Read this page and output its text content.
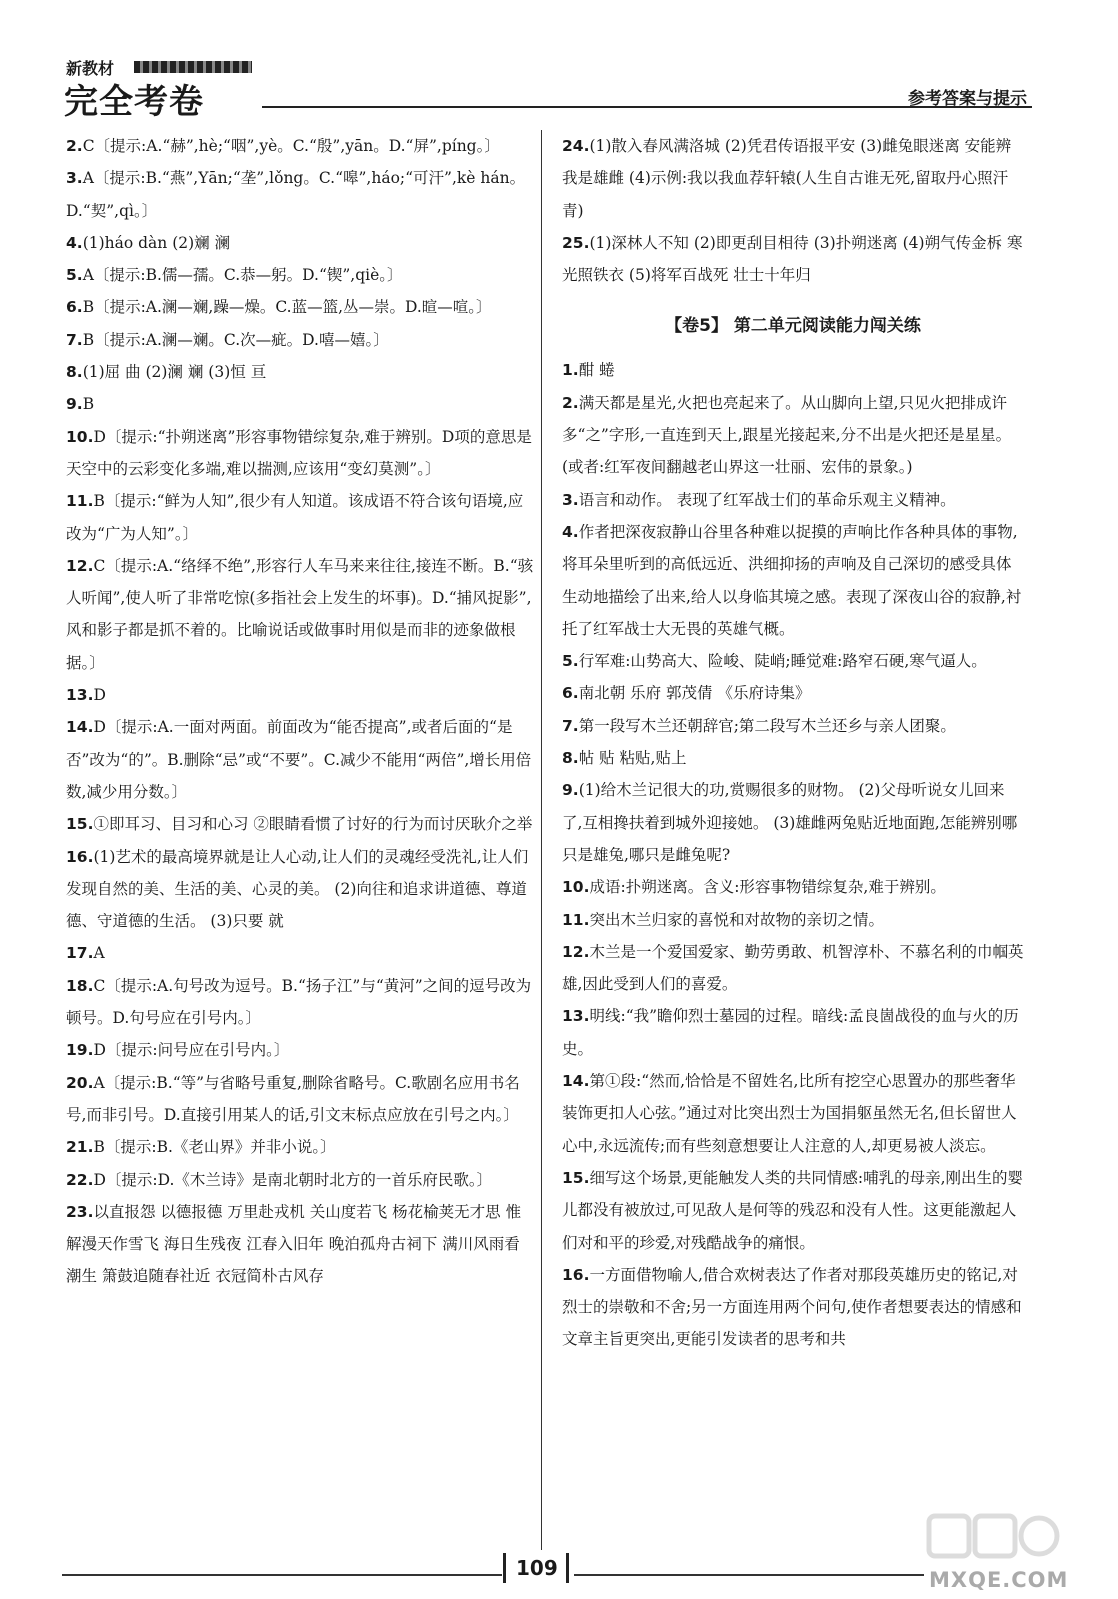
新教材
完全考卷	参考答案与提示
2.C〔提示:A.“赫”,hè;“咽”,yè。C.“殷”,yān。D.“屏”,píng。〕
3.A〔提示:B.“燕”,Yān;“垄”,lǒng。C.“嗥”,háo;“可汗”,kè hán。D.“契”,qì。〕
4.(1)háo dàn (2)斓 澜
5.A〔提示:B.儒—孺。C.恭—躬。D.“锲”,qiè。〕
6.B〔提示:A.澜—斓,躁—燥。C.蓝—篮,丛—崇。D.暄—喧。〕
7.B〔提示:A.澜—斓。C.次—疵。D.嘻—嬉。〕
8.(1)屈 曲 (2)澜 斓 (3)恒 亘
9.B
10.D〔提示:“扑朔迷离”形容事物错综复杂,难于辨别。D项的意思是天空中的云彩变化多端,难以揣测,应该用“变幻莫测”。〕
11.B〔提示:“鲜为人知”,很少有人知道。该成语不符合该句语境,应改为“广为人知”。〕
12.C〔提示:A.“络绎不绝”,形容行人车马来来往往,接连不断。B.“骇人听闻”,使人听了非常吃惊(多指社会上发生的坏事)。D.“捕风捉影”,风和影子都是抓不着的。比喻说话或做事时用似是而非的迹象做根据。〕
13.D
14.D〔提示:A.一面对两面。前面改为“能否提高”,或者后面的“是否”改为“的”。B.删除“忌”或“不要”。C.减少不能用“两倍”,增长用倍数,减少用分数。〕
15.①即耳习、目习和心习 ②眼睛看惯了讨好的行为而讨厌耿介之举
16.(1)艺术的最高境界就是让人心动,让人们的灵魂经受洗礼,让人们发现自然的美、生活的美、心灵的美。 (2)向往和追求讲道德、尊道德、守道德的生活。 (3)只要 就
17.A
18.C〔提示:A.句号改为逗号。B.“扬子江”与“黄河”之间的逗号改为顿号。D.句号应在引号内。〕
19.D〔提示:问号应在引号内。〕
20.A〔提示:B.“等”与省略号重复,删除省略号。C.歌剧名应用书名号,而非引号。D.直接引用某人的话,引文末标点应放在引号之内。〕
21.B〔提示:B.《老山界》并非小说。〕
22.D〔提示:D.《木兰诗》是南北朝时北方的一首乐府民歌。〕
23.以直报怨 以德报德 万里赴戎机 关山度若飞 杨花榆荚无才思 惟解漫天作雪飞 海日生残夜 江春入旧年 晚泊孤舟古祠下 满川风雨看潮生 箫鼓追随春社近 衣冠简朴古风存
24.(1)散入春风满洛城 (2)凭君传语报平安 (3)雌兔眼迷离 安能辨我是雄雌 (4)示例:我以我血荐轩辕(人生自古谁无死,留取丹心照汗青)
25.(1)深林人不知 (2)即更刮目相待 (3)扑朔迷离 (4)朔气传金柝 寒光照铁衣 (5)将军百战死 壮士十年归
【卷5】 第二单元阅读能力闯关练
1.酣 蜷
2.满天都是星光,火把也亮起来了。从山脚向上望,只见火把排成许多“之”字形,一直连到天上,跟星光接起来,分不出是火把还是星星。(或者:红军夜间翻越老山界这一壮丽、宏伟的景象。)
3.语言和动作。 表现了红军战士们的革命乐观主义精神。
4.作者把深夜寂静山谷里各种难以捉摸的声响比作各种具体的事物,将耳朵里听到的高低远近、洪细抑扬的声响及自己深切的感受具体生动地描绘了出来,给人以身临其境之感。表现了深夜山谷的寂静,衬托了红军战士大无畏的英雄气概。
5.行军难:山势高大、险峻、陡峭;睡觉难:路窄石硬,寒气逼人。
6.南北朝 乐府 郭茂倩 《乐府诗集》
7.第一段写木兰还朝辞官;第二段写木兰还乡与亲人团聚。
8.帖 贴 粘贴,贴上
9.(1)给木兰记很大的功,赏赐很多的财物。 (2)父母听说女儿回来了,互相搀扶着到城外迎接她。 (3)雄雌两兔贴近地面跑,怎能辨别哪只是雄兔,哪只是雌兔呢?
10.成语:扑朔迷离。含义:形容事物错综复杂,难于辨别。
11.突出木兰归家的喜悦和对故物的亲切之情。
12.木兰是一个爱国爱家、勤劳勇敢、机智淳朴、不慕名利的巾帼英雄,因此受到人们的喜爱。
13.明线:“我”瞻仰烈士墓园的过程。暗线:孟良崮战役的血与火的历史。
14.第①段:“然而,恰恰是不留姓名,比所有挖空心思置办的那些奢华装饰更扣人心弦。”通过对比突出烈士为国捐躯虽然无名,但长留世人心中,永远流传;而有些刻意想要让人注意的人,却更易被人淡忘。
15.细写这个场景,更能触发人类的共同情感:哺乳的母亲,刚出生的婴儿都没有被放过,可见敌人是何等的残忍和没有人性。这更能激起人们对和平的珍爱,对残酷战争的痛恨。
16.一方面借物喻人,借合欢树表达了作者对那段英雄历史的铭记,对烈士的崇敬和不舍;另一方面连用两个问句,使作者想要表达的情感和文章主旨更突出,更能引发读者的思考和共
109	MXQE.COM
